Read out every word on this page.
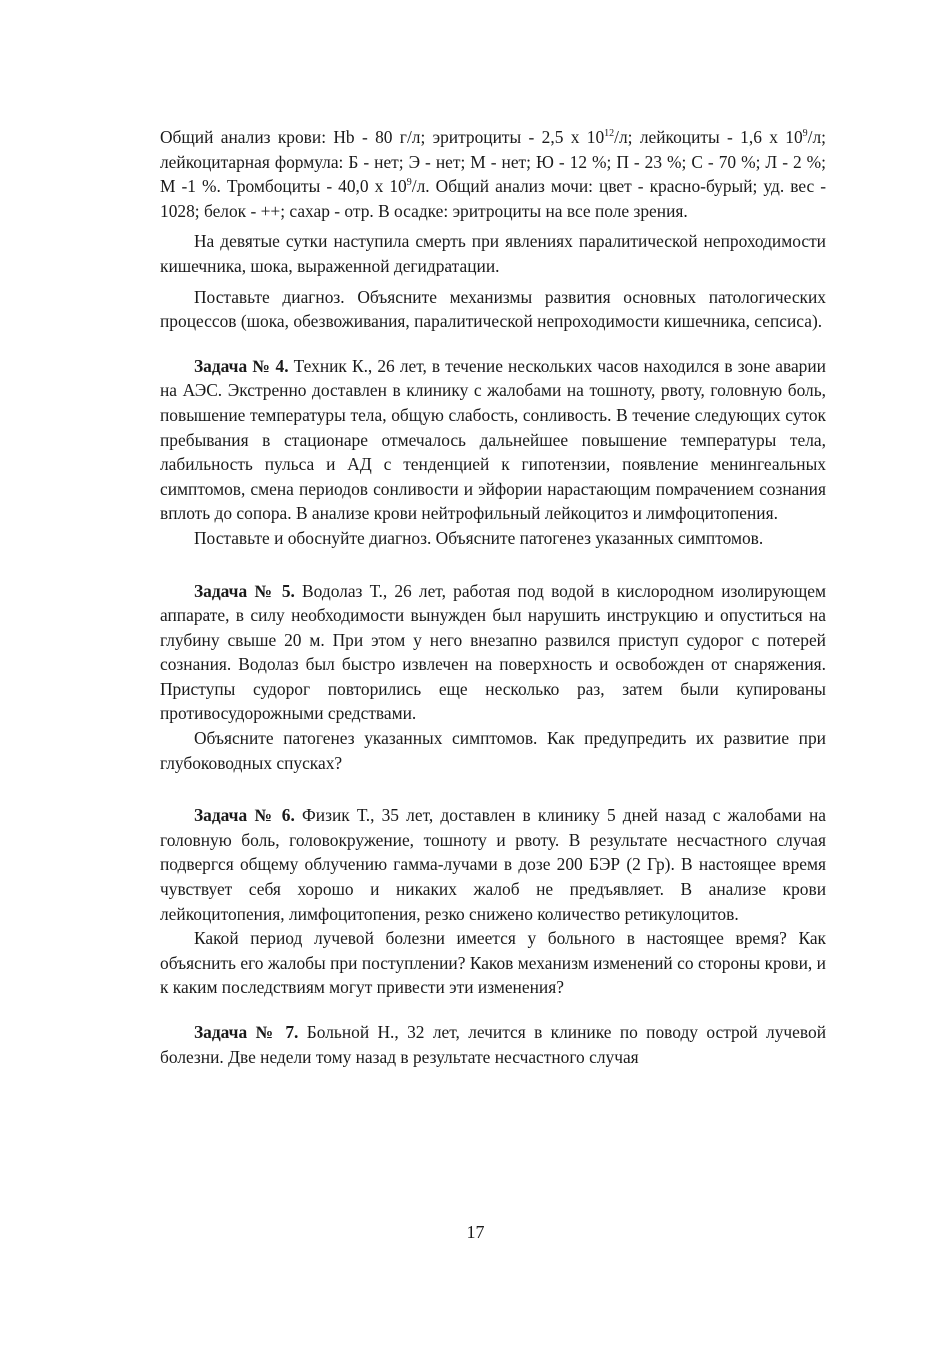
Общий анализ крови: Hb - 80 г/л; эритроциты - 2,5 х $10^{12}/л$; лейкоциты - 1,6 х $10^9/л$; лейкоцитарная формула: Б - нет; Э - нет; М - нет; Ю - 12 %; П - 23 %; С - 70 %; Л - 2 %; М -1 %. Тромбоциты - 40,0 х $10^9/л$. Общий анализ мочи: цвет - красно-бурый; уд. вес - 1028; белок - ++; сахар - отр. В осадке: эритроциты на все поле зрения.

На девятые сутки наступила смерть при явлениях паралитической непроходимости кишечника, шока, выраженной дегидратации.

Поставьте диагноз. Объясните механизмы развития основных патологических процессов (шока, обезвоживания, паралитической непроходимости кишечника, сепсиса).

Задача № 4. Техник К., 26 лет, в течение нескольких часов находился в зоне аварии на АЭС. Экстренно доставлен в клинику с жалобами на тошноту, рвоту, головную боль, повышение температуры тела, общую слабость, сонливость. В течение следующих суток пребывания в стационаре отмечалось дальнейшее повышение температуры тела, лабильность пульса и АД с тенденцией к гипотензии, появление менингеальных симптомов, смена периодов сонливости и эйфории нарастающим помрачением сознания вплоть до сопора. В анализе крови нейтрофильный лейкоцитоз и лимфоцитопения.

Поставьте и обоснуйте диагноз. Объясните патогенез указанных симптомов.

Задача № 5. Водолаз Т., 26 лет, работая под водой в кислородном изолирующем аппарате, в силу необходимости вынужден был нарушить инструкцию и опуститься на глубину свыше 20 м. При этом у него внезапно развился приступ судорог с потерей сознания. Водолаз был быстро извлечен на поверхность и освобожден от снаряжения. Приступы судорог повторились еще несколько раз, затем были купированы противосудорожными средствами.

Объясните патогенез указанных симптомов. Как предупредить их развитие при глубоководных спусках?

Задача № 6. Физик Т., 35 лет, доставлен в клинику 5 дней назад с жалобами на головную боль, головокружение, тошноту и рвоту. В результате несчастного случая подвергся общему облучению гамма-лучами в дозе 200 БЭР (2 Гр). В настоящее время чувствует себя хорошо и никаких жалоб не предъявляет. В анализе крови лейкоцитопения, лимфоцитопения, резко снижено количество ретикулоцитов.

Какой период лучевой болезни имеется у больного в настоящее время? Как объяснить его жалобы при поступлении? Каков механизм изменений со стороны крови, и к каким последствиям могут привести эти изменения?

Задача № 7. Больной Н., 32 лет, лечится в клинике по поводу острой лучевой болезни. Две недели тому назад в результате несчастного случая

17
